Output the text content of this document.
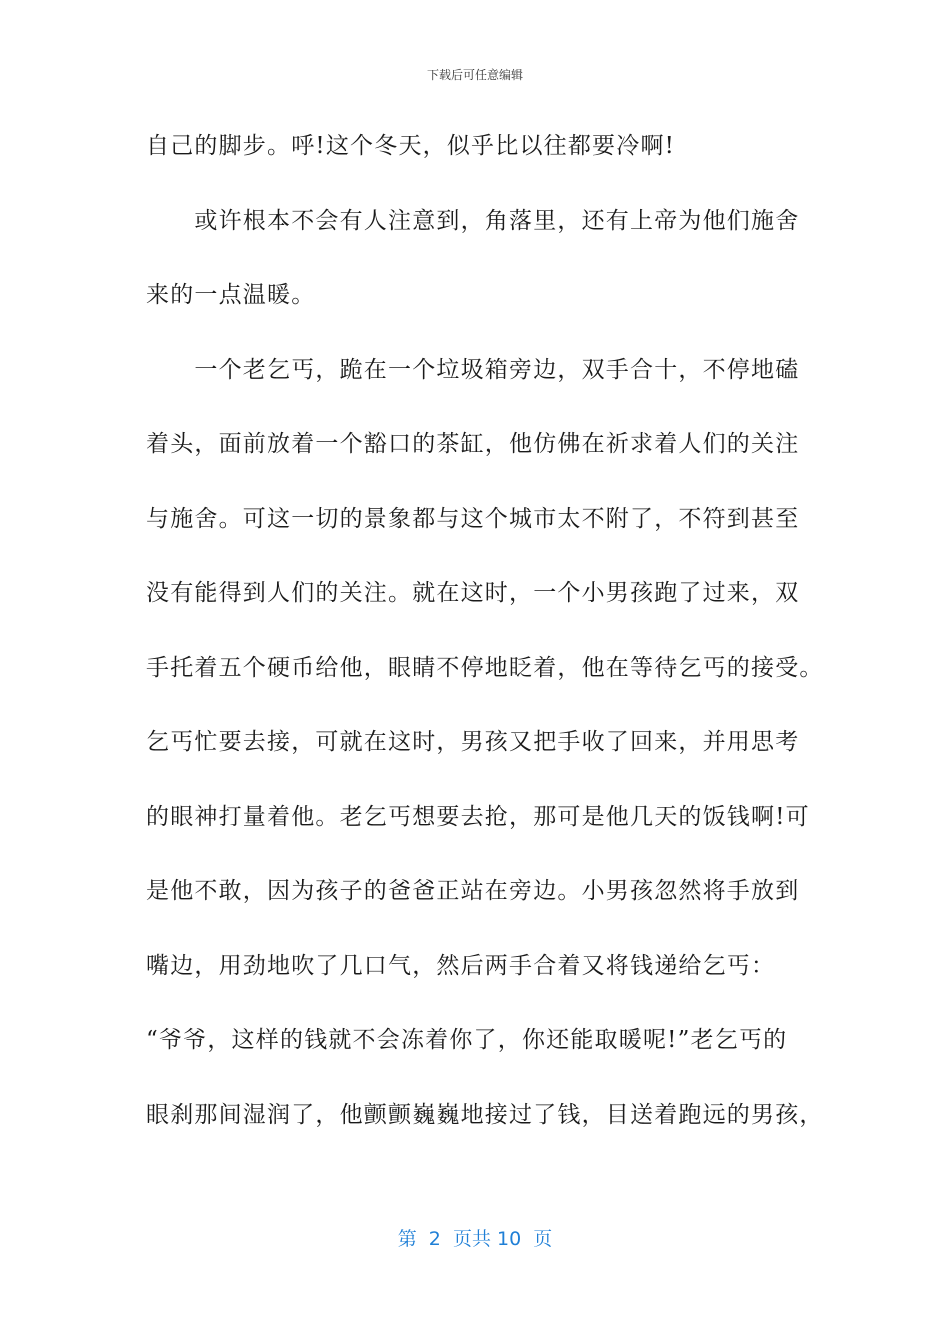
下载后可任意编辑
自己的脚步。呼!这个冬天，似乎比以往都要冷啊!
　　或许根本不会有人注意到，角落里，还有上帝为他们施舍
来的一点温暖。
　　一个老乞丐，跪在一个垃圾箱旁边，双手合十，不停地磕
着头，面前放着一个豁口的茶缸，他仿佛在祈求着人们的关注
与施舍。可这一切的景象都与这个城市太不附了，不符到甚至
没有能得到人们的关注。就在这时，一个小男孩跑了过来，双
手托着五个硬币给他，眼睛不停地眨着，他在等待乞丐的接受。
乞丐忙要去接，可就在这时，男孩又把手收了回来，并用思考
的眼神打量着他。老乞丐想要去抢，那可是他几天的饭钱啊!可
是他不敢，因为孩子的爸爸正站在旁边。小男孩忽然将手放到
嘴边，用劲地吹了几口气，然后两手合着又将钱递给乞丐：
“爷爷，这样的钱就不会冻着你了，你还能取暖呢!”老乞丐的
眼刹那间湿润了，他颤颤巍巍地接过了钱，目送着跑远的男孩，
第  2  页共 10  页
